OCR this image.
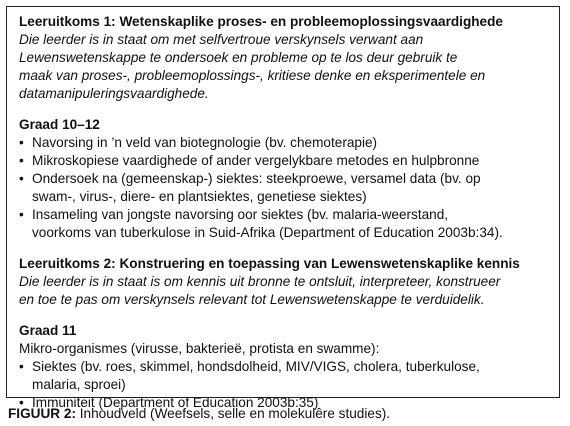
Leeruitkoms 1: Wetenskaplike proses- en probleemoplossingsvaardighede

Die leerder is in staat om met selfvertroue verskynsels verwant aan

Lewenswetenskappe te ondersoek en probleme op te los deur gebruik te

maak van proses-, probleemoplossings-, kritiese denke en eksperimentele en

datamanipuleringsvaardighede.

Graad 10–12

• Navorsing in ’n veld van biotegnologie (bv. chemoterapie)
• Mikroskopiese vaardighede of ander vergelykbare metodes en hulpbronne
• Ondersoek na (gemeenskap-) siektes: steekproewe, versamel data (bv. op
swam-, virus-, diere- en plantsiektes, genetiese siektes)
• Insameling van jongste navorsing oor siektes (bv. malaria-weerstand,
voorkoms van tuberkulose in Suid-Afrika (Department of Education 2003b:34).

Leeruitkoms 2: Konstruering en toepassing van Lewenswetenskaplike kennis

Die leerder is in staat is om kennis uit bronne te ontsluit, interpreteer, konstrueer

en toe te pas om verskynsels relevant tot Lewenswetenskappe te verduidelik.

Graad 11

Mikro-organismes (virusse, bakterieë, protista en swamme):

• Siektes (bv. roes, skimmel, hondsdolheid, MIV/VIGS, cholera, tuberkulose,
malaria, sproei)
• Immuniteit (Department of Education 2003b:35)
FIGUUR 2: Inhoudveld (Weefsels, selle en molekulêre studies).
